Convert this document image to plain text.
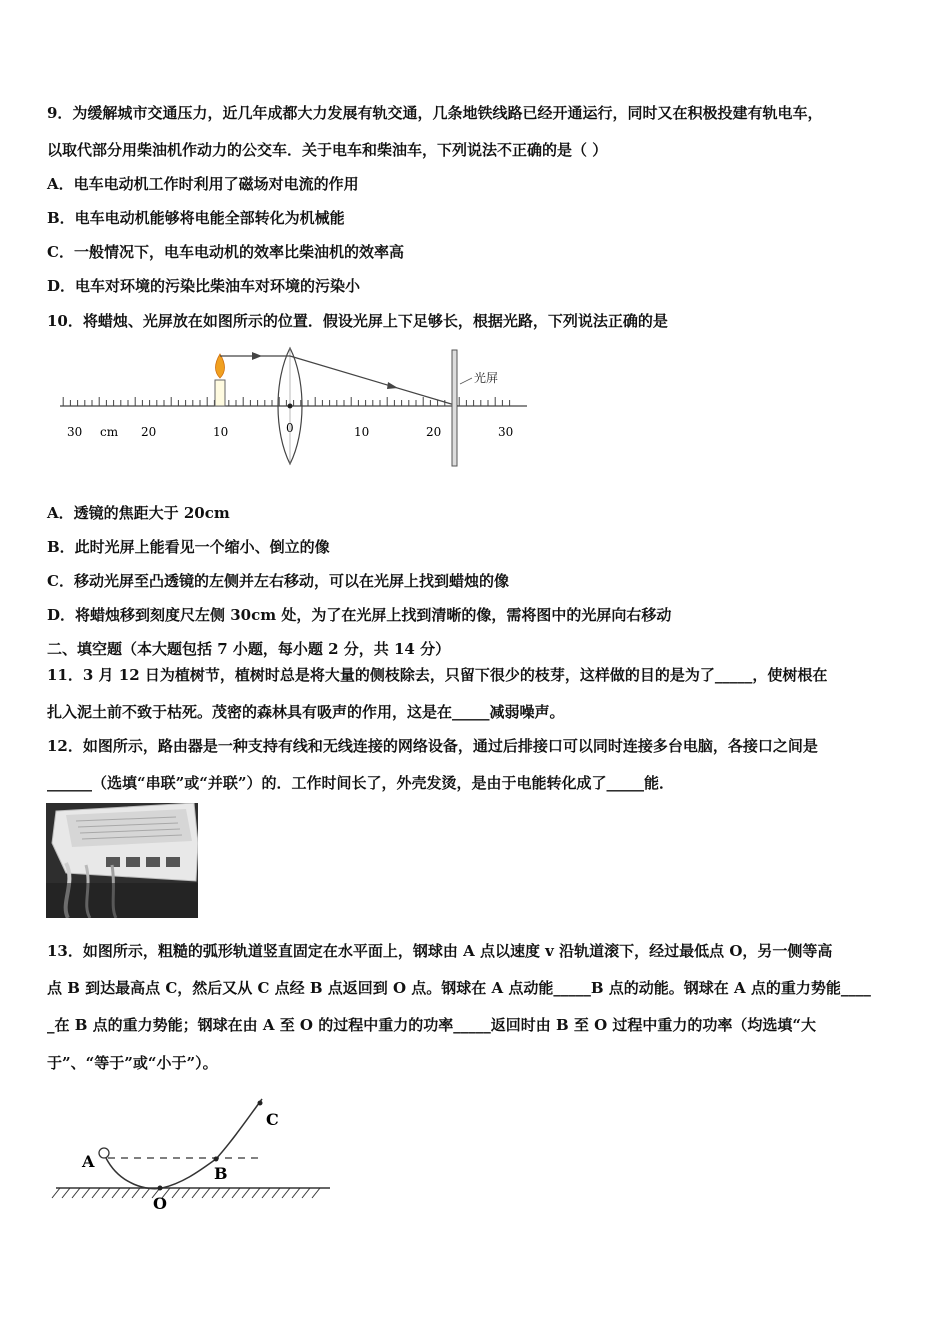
9．为缓解城市交通压力，近几年成都大力发展有轨交通，几条地铁线路已经开通运行，同时又在积极投建有轨电车，
以取代部分用柴油机作动力的公交车．关于电车和柴油车，下列说法不正确的是（ ）
A．电车电动机工作时利用了磁场对电流的作用
B．电车电动机能够将电能全部转化为机械能
C．一般情况下，电车电动机的效率比柴油机的效率高
D．电车对环境的污染比柴油车对环境的污染小
10．将蜡烛、光屏放在如图所示的位置．假设光屏上下足够长，根据光路，下列说法正确的是
光屏
30 cm 20	10	0	10	20	30
A．透镜的焦距大于 20cm
B．此时光屏上能看见一个缩小、倒立的像
C．移动光屏至凸透镜的左侧并左右移动，可以在光屏上找到蜡烛的像
D．将蜡烛移到刻度尺左侧 30cm 处，为了在光屏上找到清晰的像，需将图中的光屏向右移动
二、填空题（本大题包括 7 小题，每小题 2 分，共 14 分）
11．3 月 12 日为植树节，植树时总是将大量的侧枝除去，只留下很少的枝芽，这样做的目的是为了_____，使树根在
扎入泥土前不致于枯死。茂密的森林具有吸声的作用，这是在_____减弱噪声。
12．如图所示，路由器是一种支持有线和无线连接的网络设备，通过后排接口可以同时连接多台电脑，各接口之间是
______（选填“串联”或“并联”）的．工作时间长了，外壳发烫，是由于电能转化成了_____能．
13．如图所示，粗糙的弧形轨道竖直固定在水平面上，钢球由 A 点以速度 v 沿轨道滚下，经过最低点 O，另一侧等高
点 B 到达最高点 C，然后又从 C 点经 B 点返回到 O 点。钢球在 A 点动能_____B 点的动能。钢球在 A 点的重力势能____
_在 B 点的重力势能；钢球在由 A 至 O 的过程中重力的功率_____返回时由 B 至 O 过程中重力的功率（均选填“大
于”、“等于”或“小于”）。
A
B
C
O
